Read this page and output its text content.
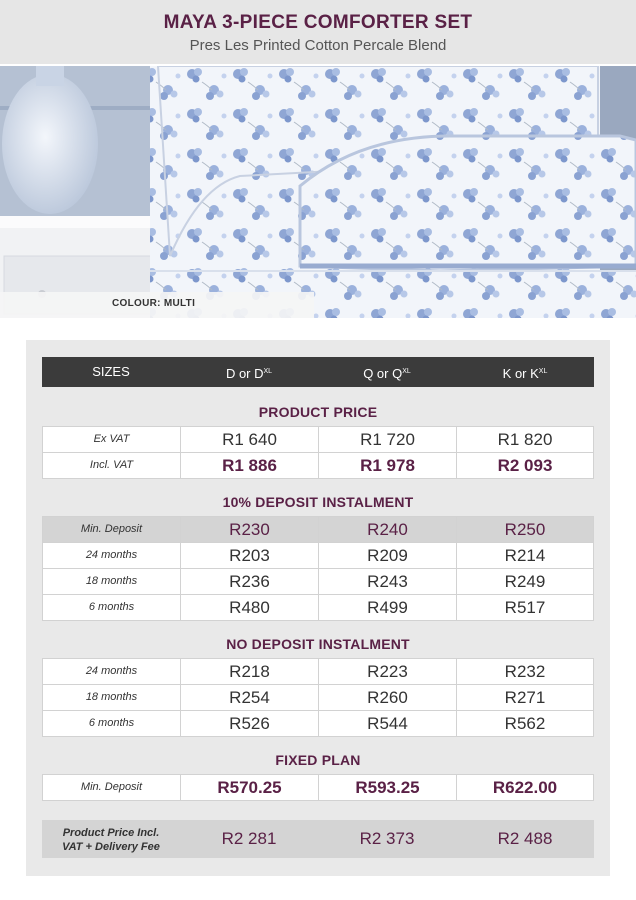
MAYA 3-PIECE COMFORTER SET
Pres Les Printed Cotton Percale Blend
COLOUR: MULTI
SIZES	D or $D^{XL}$	Q or $Q^{XL}$	K or $K^{XL}$
PRODUCT PRICE
Ex VAT	R1 640	R1 720	R1 820
Incl. VAT	R1 886	R1 978	R2 093
10% DEPOSIT INSTALMENT
Min. Deposit	R230	R240	R250
24 months	R203	R209	R214
18 months	R236	R243	R249
6 months	R480	R499	R517
NO DEPOSIT INSTALMENT
24 months	R218	R223	R232
18 months	R254	R260	R271
6 months	R526	R544	R562
FIXED PLAN
Min. Deposit	R570.25	R593.25	R622.00
Product Price Incl.
VAT + Delivery Fee	R2 281	R2 373	R2 488
